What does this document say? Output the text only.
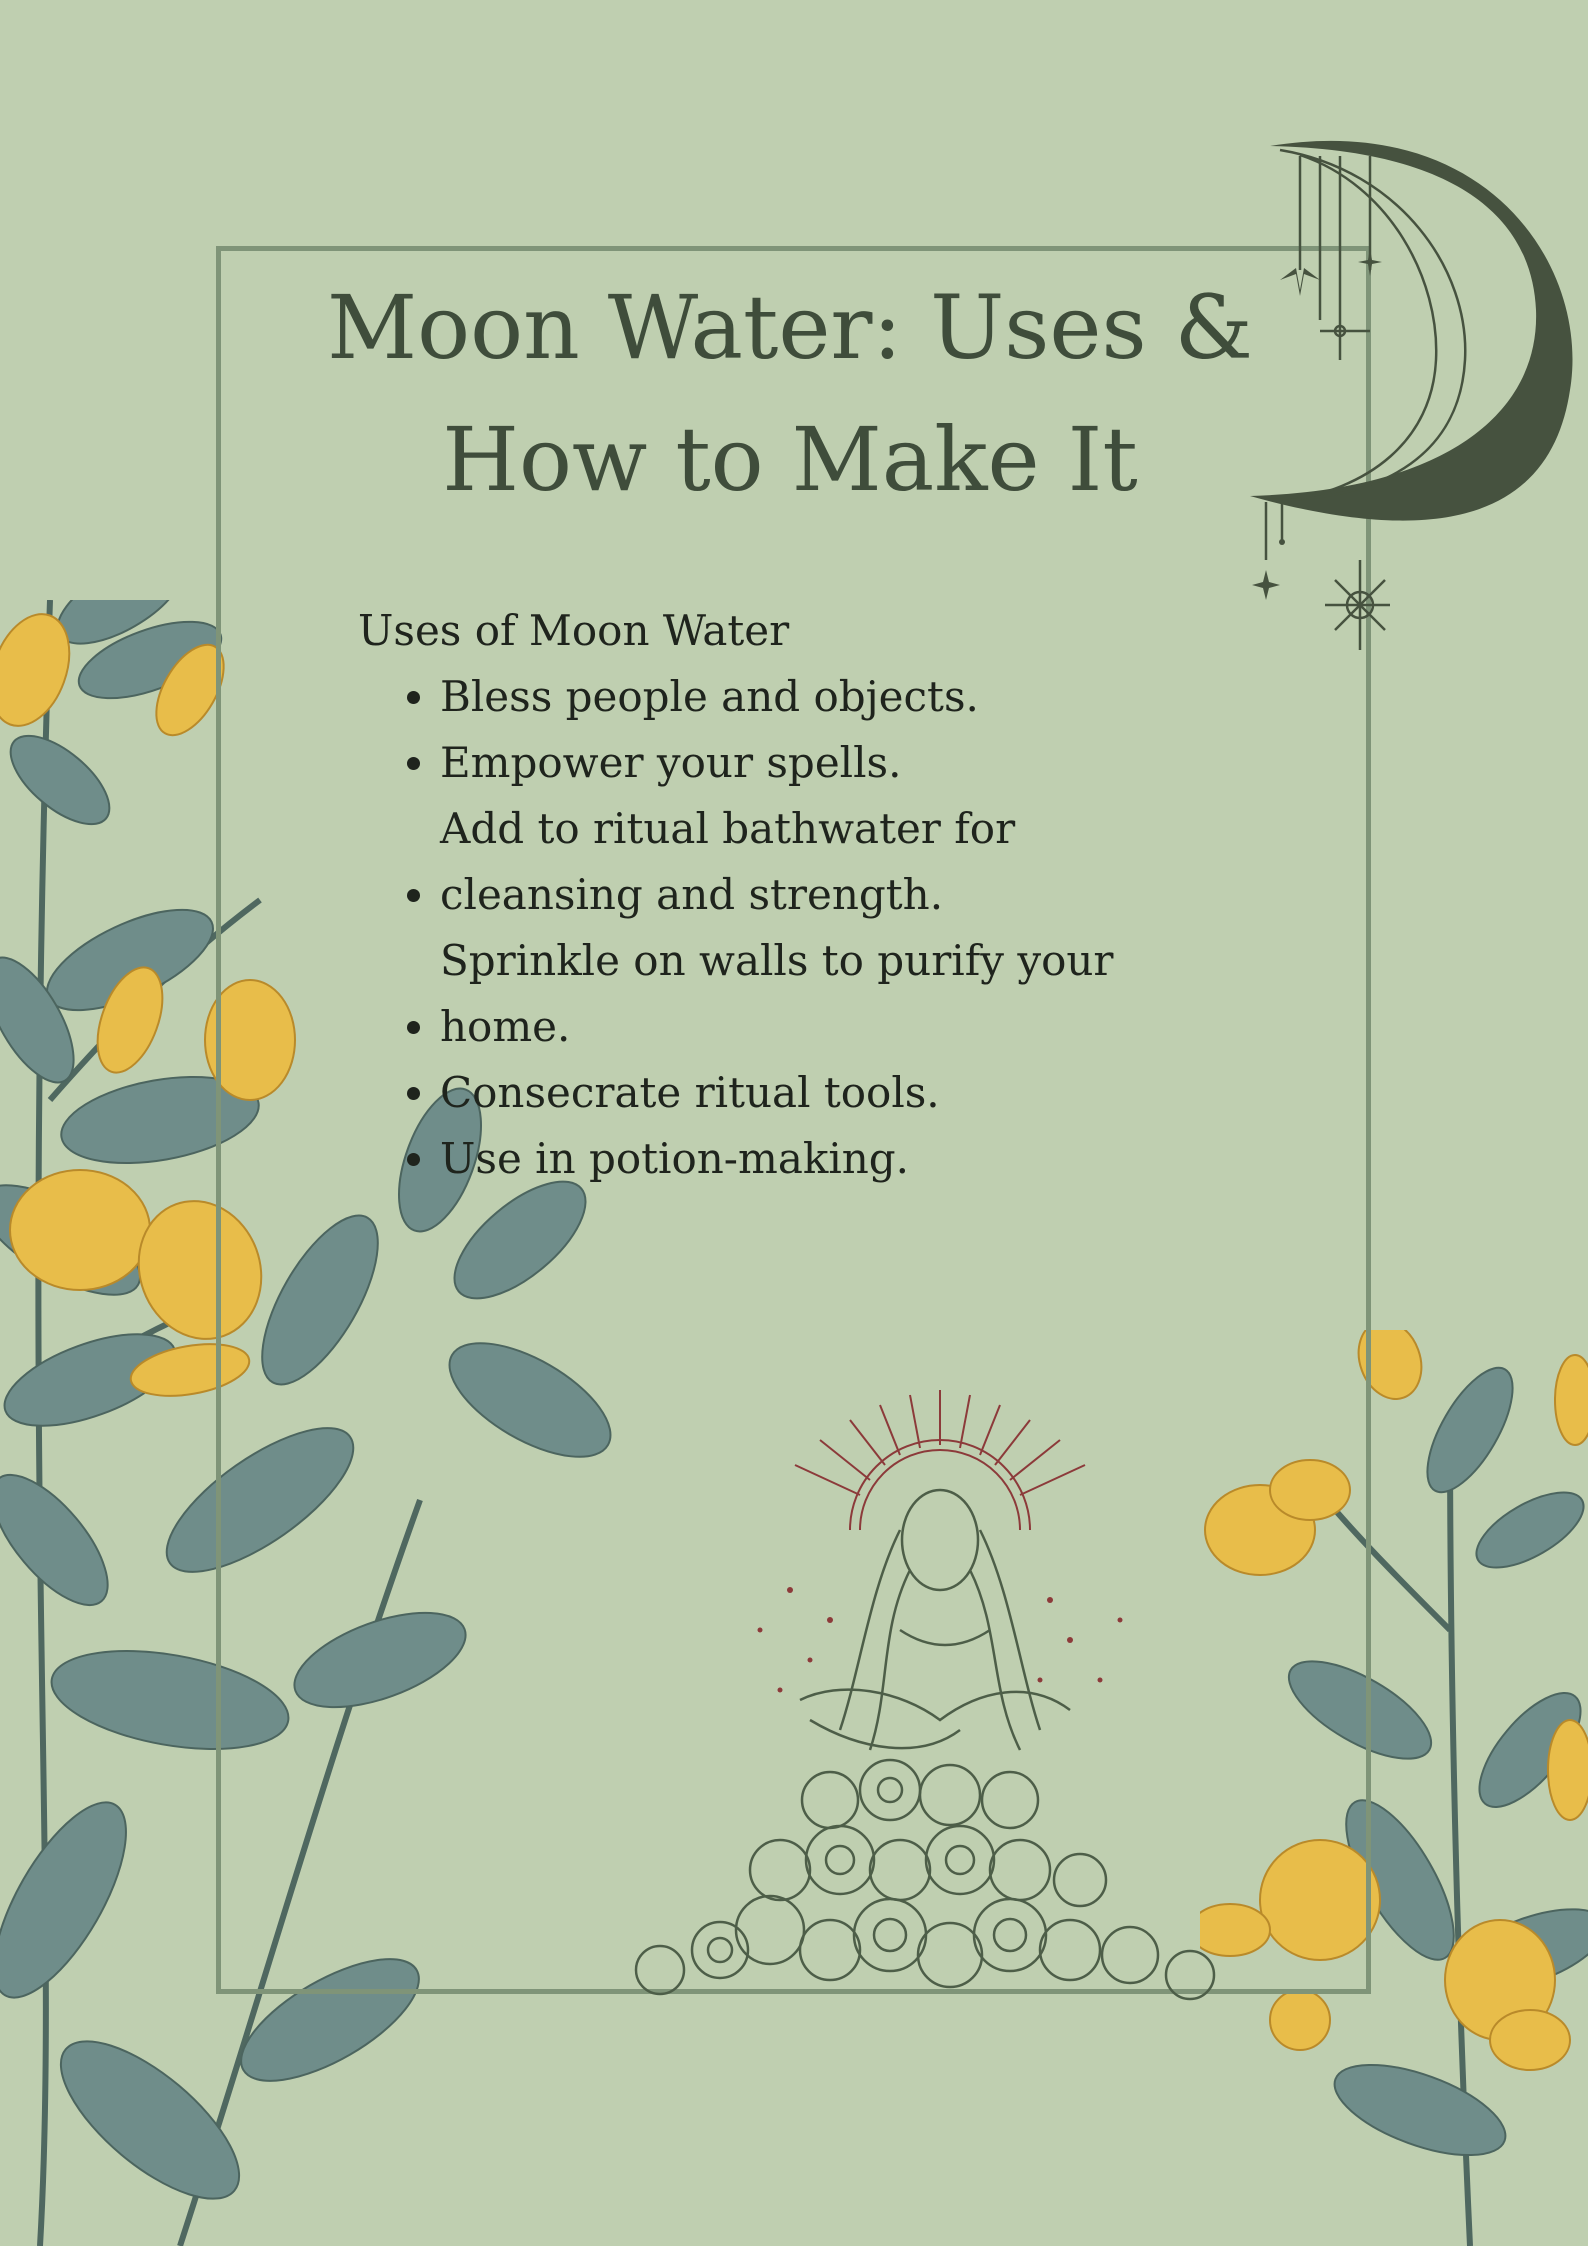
Moon Water: Uses &
How to Make It
Uses of Moon Water
• Bless people and objects.
• Empower your spells.
• Add to ritual bathwater for cleansing and strength.
• Sprinkle on walls to purify your home.
• Consecrate ritual tools.
• Use in potion-making.
